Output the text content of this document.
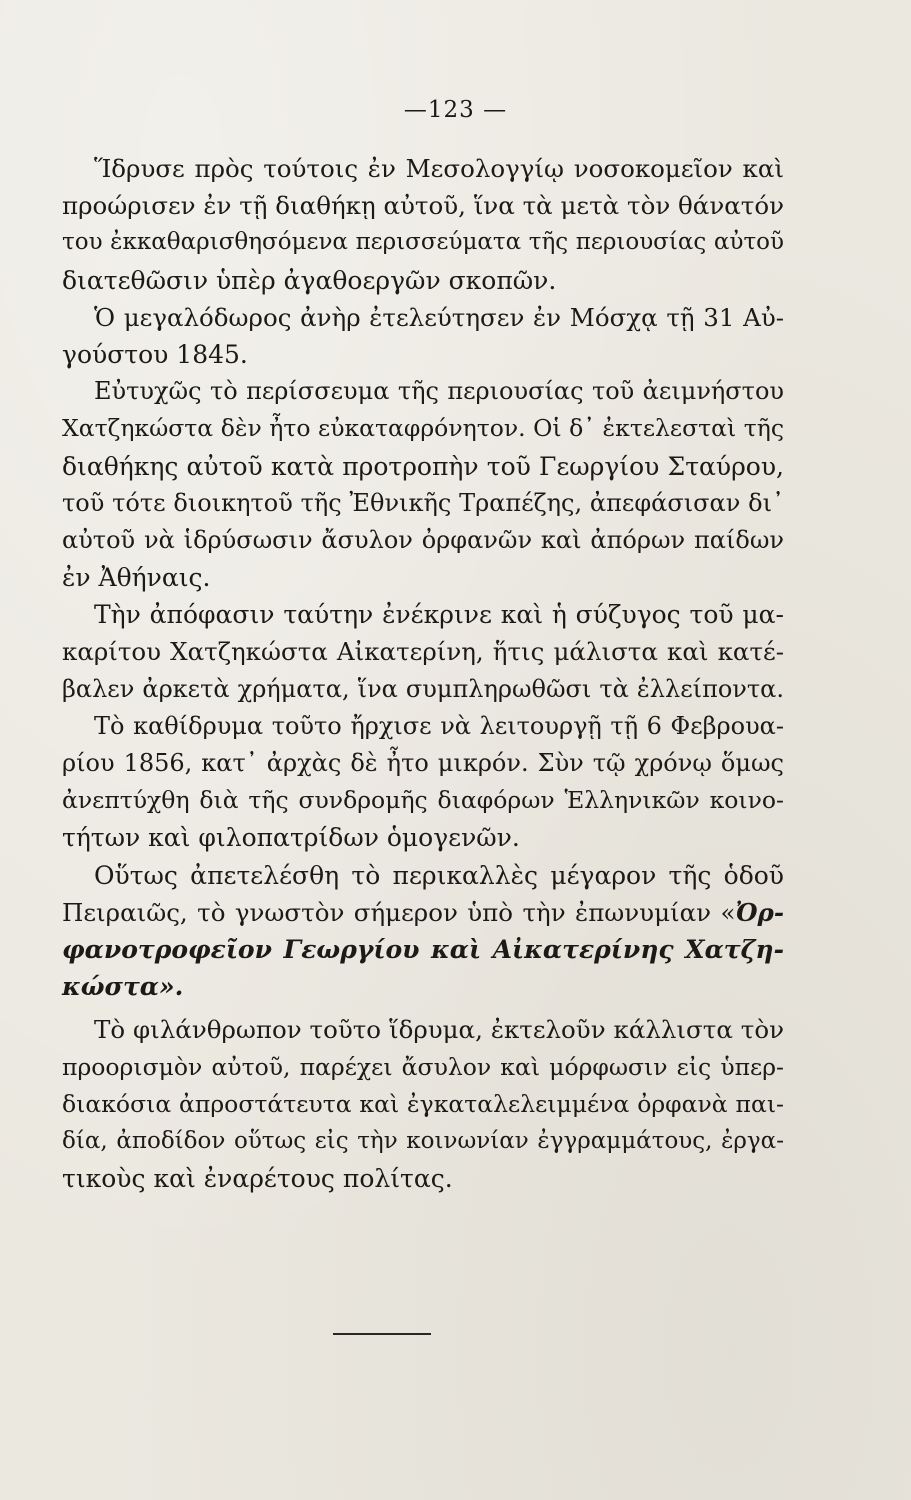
—123 —
Ἵδρυσε πρὸς τούτοις ἐν Μεσολογγίῳ νοσοκομεῖον καὶ
προώρισεν ἐν τῇ διαθήκῃ αὐτοῦ, ἵνα τὰ μετὰ τὸν θάνατόν
του ἐκκαθαρισθησόμενα περισσεύματα τῆς περιουσίας αὐτοῦ
διατεθῶσιν ὑπὲρ ἀγαθοεργῶν σκοπῶν.
Ὁ μεγαλόδωρος ἀνὴρ ἐτελεύτησεν ἐν Μόσχᾳ τῇ 31 Αὐ-
γούστου 1845.
Εὐτυχῶς τὸ περίσσευμα τῆς περιουσίας τοῦ ἀειμνήστου
Χατζηκώστα δὲν ἦτο εὐκαταφρόνητον. Οἱ δ᾽ ἐκτελεσταὶ τῆς
διαθήκης αὐτοῦ κατὰ προτροπὴν τοῦ Γεωργίου Σταύρου,
τοῦ τότε διοικητοῦ τῆς Ἐθνικῆς Τραπέζης, ἀπεφάσισαν δι᾽
αὐτοῦ νὰ ἱδρύσωσιν ἄσυλον ὀρφανῶν καὶ ἀπόρων παίδων
ἐν Ἀθήναις.
Τὴν ἀπόφασιν ταύτην ἐνέκρινε καὶ ἡ σύζυγος τοῦ μα-
καρίτου Χατζηκώστα Αἰκατερίνη, ἥτις μάλιστα καὶ κατέ-
βαλεν ἀρκετὰ χρήματα, ἵνα συμπληρωθῶσι τὰ ἐλλείποντα.
Τὸ καθίδρυμα τοῦτο ἤρχισε νὰ λειτουργῇ τῇ 6 Φεβρουα-
ρίου 1856, κατ᾽ ἀρχὰς δὲ ἦτο μικρόν. Σὺν τῷ χρόνῳ ὅμως
ἀνεπτύχθη διὰ τῆς συνδρομῆς διαφόρων Ἑλληνικῶν κοινο-
τήτων καὶ φιλοπατρίδων ὁμογενῶν.
Οὕτως ἀπετελέσθη τὸ περικαλλὲς μέγαρον τῆς ὁδοῦ
Πειραιῶς, τὸ γνωστὸν σήμερον ὑπὸ τὴν ἐπωνυμίαν «Ὀρ-
φανοτροφεῖον Γεωργίου καὶ Αἰκατερίνης Χατζη-
κώστα».
Τὸ φιλάνθρωπον τοῦτο ἵδρυμα, ἐκτελοῦν κάλλιστα τὸν
προορισμὸν αὐτοῦ, παρέχει ἄσυλον καὶ μόρφωσιν εἰς ὑπερ-
διακόσια ἀπροστάτευτα καὶ ἐγκαταλελειμμένα ὀρφανὰ παι-
δία, ἀποδίδον οὕτως εἰς τὴν κοινωνίαν ἐγγραμμάτους, ἐργα-
τικοὺς καὶ ἐναρέτους πολίτας.
